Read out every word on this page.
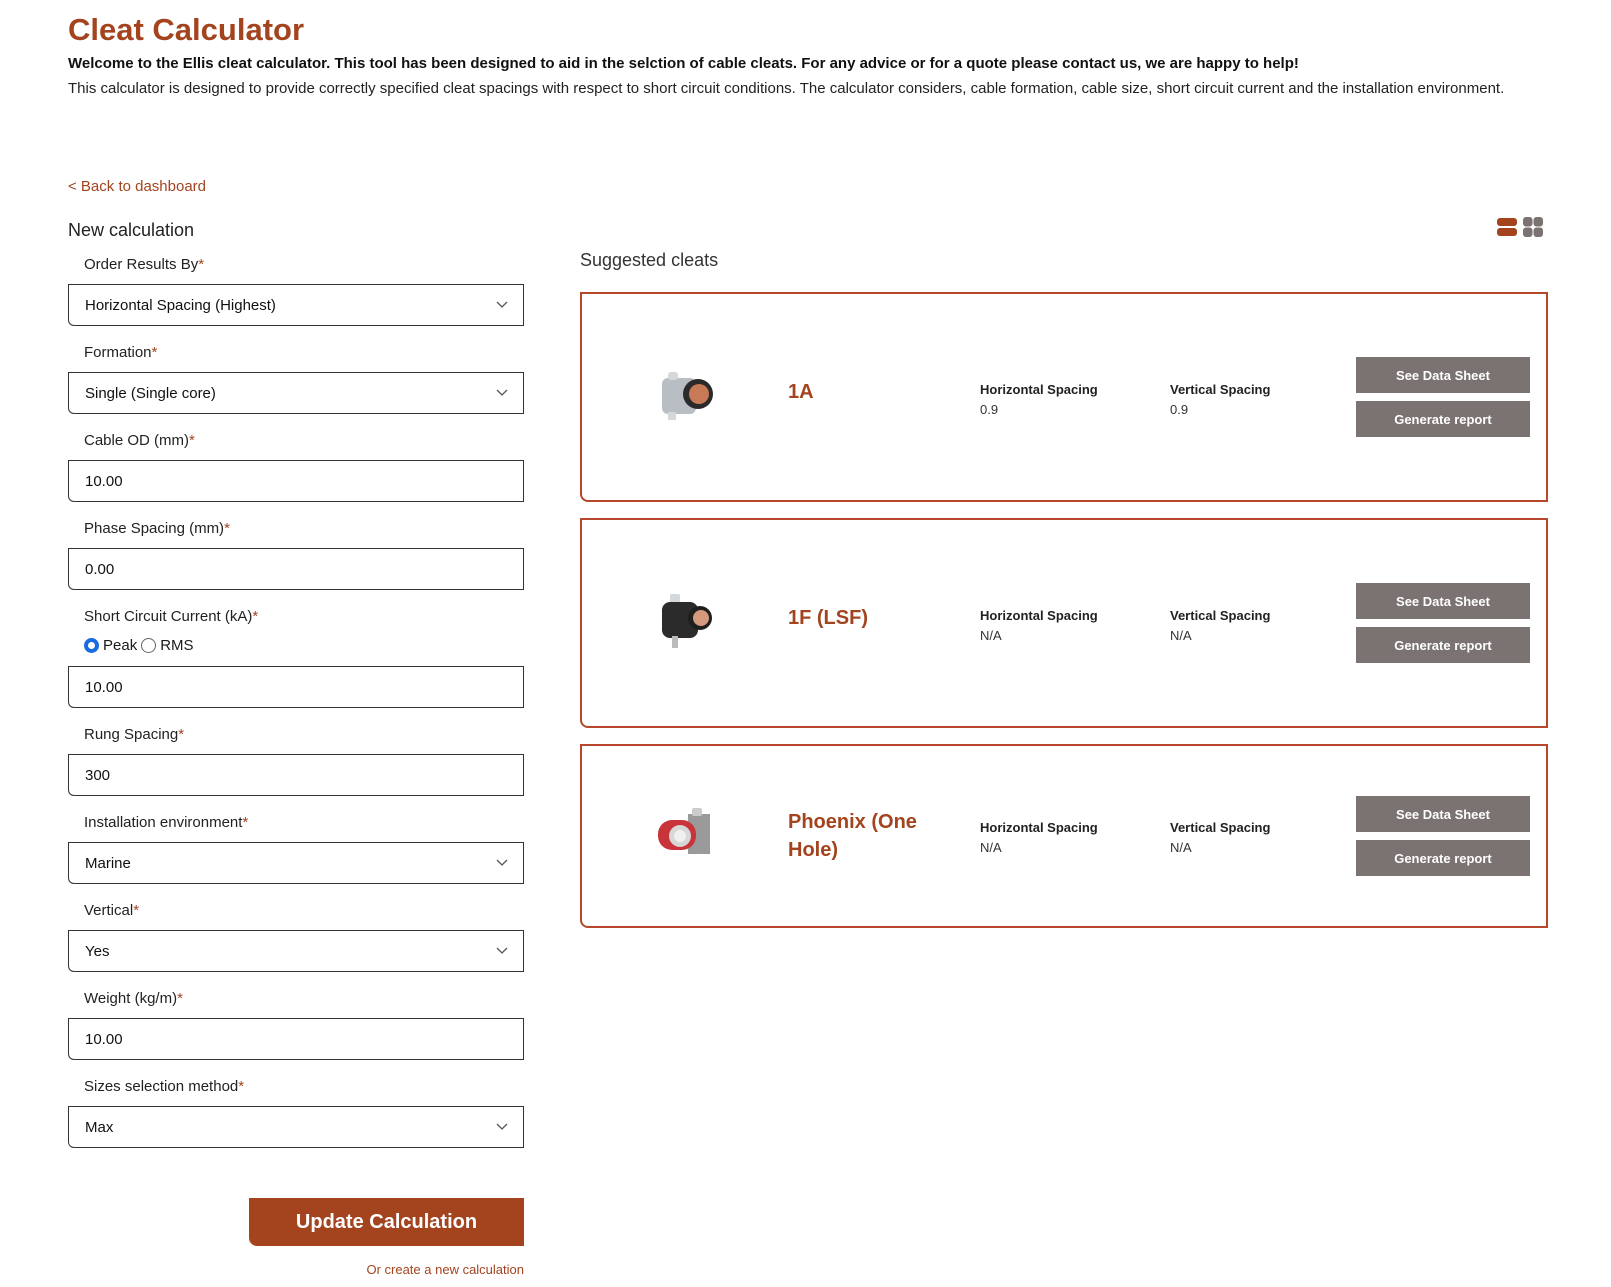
Cleat Calculator
Welcome to the Ellis cleat calculator. This tool has been designed to aid in the selction of cable cleats. For any advice or for a quote please contact us, we are happy to help!
This calculator is designed to provide correctly specified cleat spacings with respect to short circuit conditions. The calculator considers, cable formation, cable size, short circuit current and the installation environment.
< Back to dashboard
New calculation
Order Results By*
Horizontal Spacing (Highest)
Formation*
Single (Single core)
Cable OD (mm)*
10.00
Phase Spacing (mm)*
0.00
Short Circuit Current (kA)*
Peak RMS
10.00
Rung Spacing*
300
Installation environment*
Marine
Vertical*
Yes
Weight (kg/m)*
10.00
Sizes selection method*
Max
Update Calculation
Or create a new calculation
Suggested cleats
1A	Horizontal Spacing
0.9
Vertical Spacing
0.9
See Data Sheet
Generate report
1F (LSF)	Horizontal Spacing
N/A
Vertical Spacing
N/A
See Data Sheet
Generate report
Phoenix (One Hole)
Horizontal Spacing
N/A
Vertical Spacing
N/A
See Data Sheet
Generate report
